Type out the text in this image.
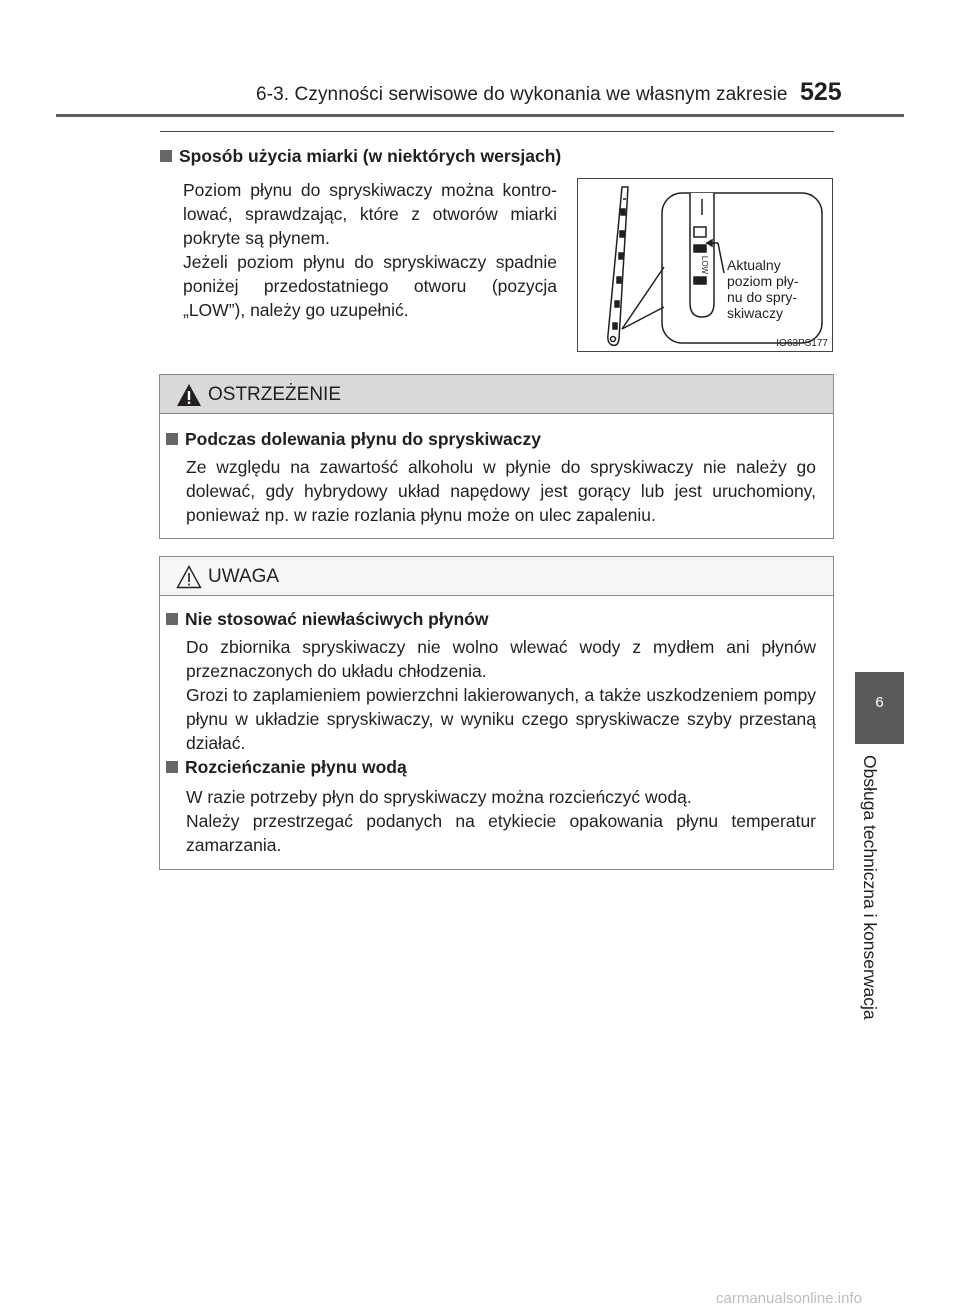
6-3. Czynności serwisowe do wykonania we własnym zakresie 525
Sposób użycia miarki (w niektórych wersjach)

Poziom płynu do spryskiwaczy można kontrolować, sprawdzając, które z otworów miarki pokryte są płynem.

Jeżeli poziom płynu do spryskiwaczy spadnie poniżej przedostatniego otworu (pozycja „LOW”), należy go uzupełnić.

LOW Aktualny
poziom pły-
nu do spry-
skiwaczy
IO63PS177
OSTRZEŻENIE
Podczas dolewania płynu do spryskiwaczy

Ze względu na zawartość alkoholu w płynie do spryskiwaczy nie należy go dolewać, gdy hybrydowy układ napędowy jest gorący lub jest uruchomiony, ponieważ np. w razie rozlania płynu może on ulec zapaleniu.

UWAGA
Nie stosować niewłaściwych płynów

Do zbiornika spryskiwaczy nie wolno wlewać wody z mydłem ani płynów przeznaczonych do układu chłodzenia.

Grozi to zaplamieniem powierzchni lakierowanych, a także uszkodzeniem pompy płynu w układzie spryskiwaczy, w wyniku czego spryskiwacze szyby przestaną działać.

Rozcieńczanie płynu wodą

W razie potrzeby płyn do spryskiwaczy można rozcieńczyć wodą.

Należy przestrzegać podanych na etykiecie opakowania płynu temperatur zamarzania.

6
Obsługa techniczna i konserwacja
carmanualsonline.info
